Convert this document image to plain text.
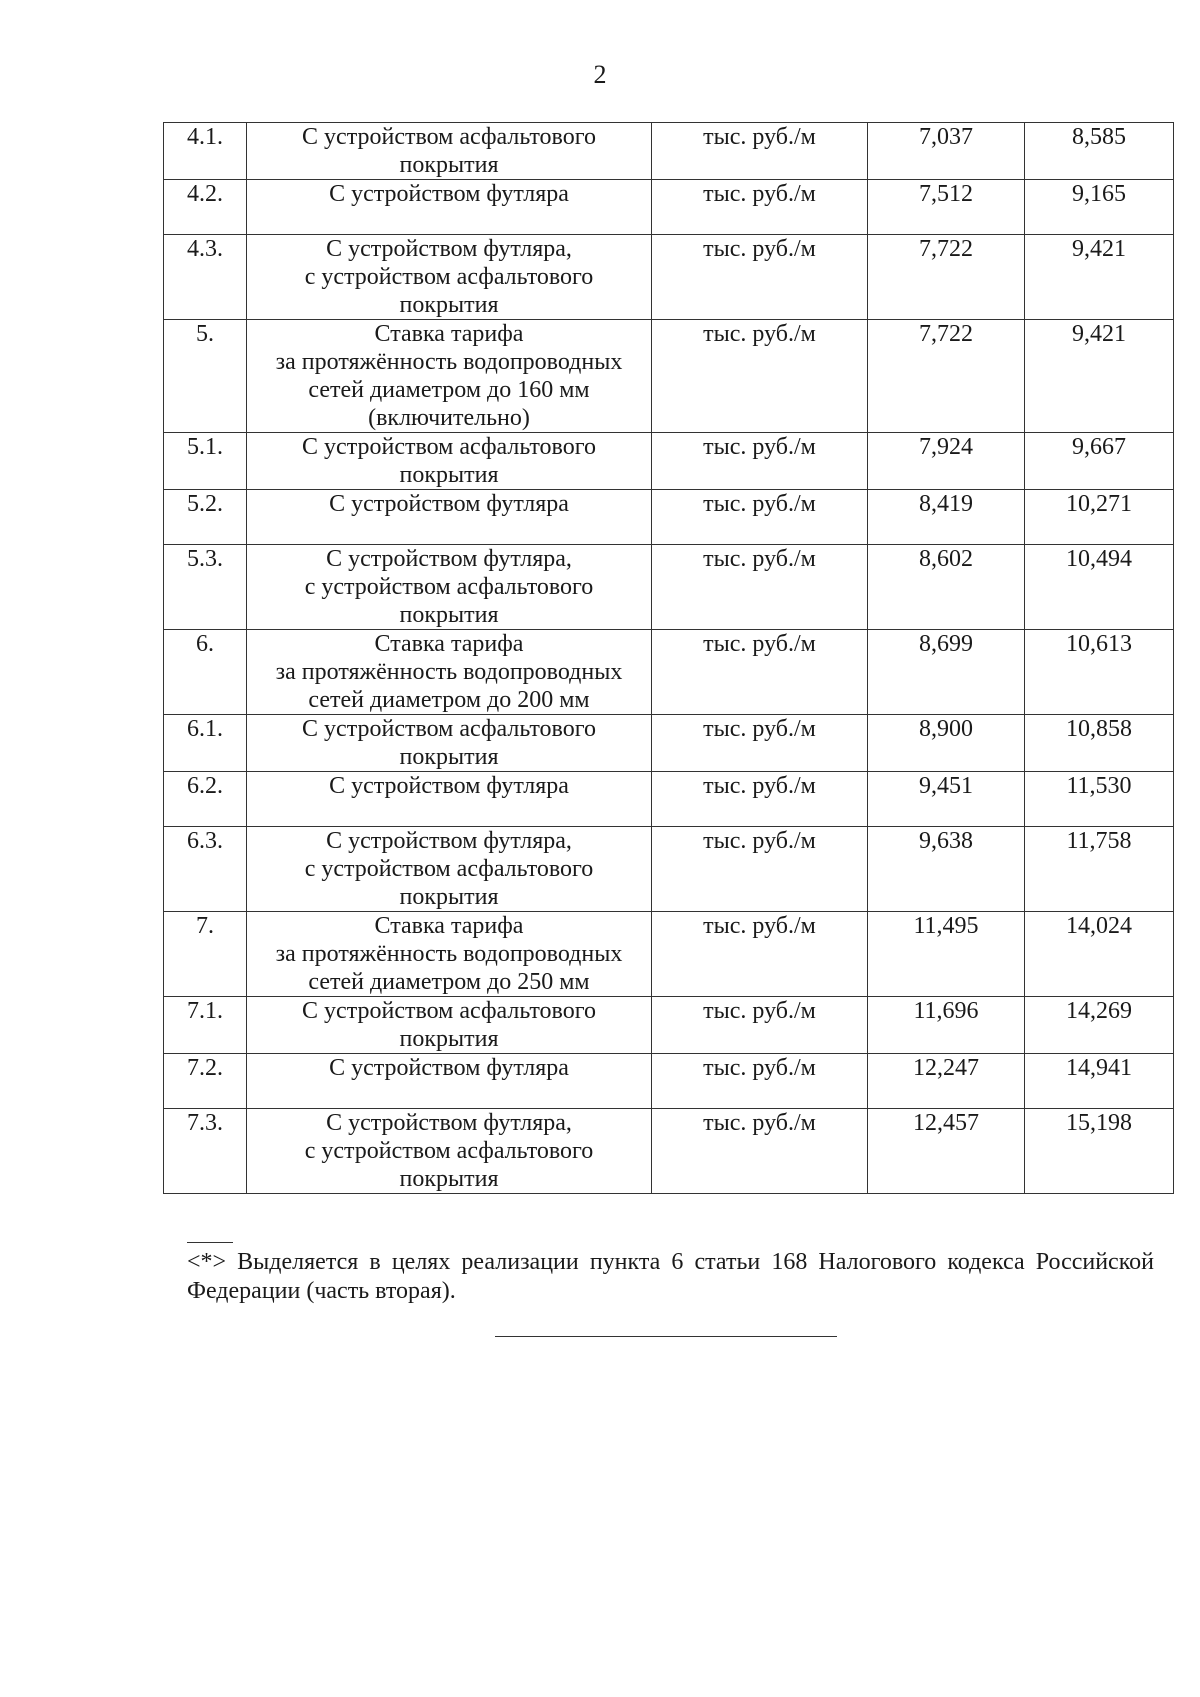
2
4.1.	С устройством асфальтового
покрытия	тыс. руб./м	7,037	8,585
4.2.	С устройством футляра	тыс. руб./м	7,512	9,165
4.3.	С устройством футляра,
с устройством асфальтового
покрытия	тыс. руб./м	7,722	9,421
5.	Ставка тарифа
за протяжённость водопроводных
сетей диаметром до 160 мм
(включительно)	тыс. руб./м	7,722	9,421
5.1.	С устройством асфальтового
покрытия	тыс. руб./м	7,924	9,667
5.2.	С устройством футляра	тыс. руб./м	8,419	10,271
5.3.	С устройством футляра,
с устройством асфальтового
покрытия	тыс. руб./м	8,602	10,494
6.	Ставка тарифа
за протяжённость водопроводных
сетей диаметром до 200 мм	тыс. руб./м	8,699	10,613
6.1.	С устройством асфальтового
покрытия	тыс. руб./м	8,900	10,858
6.2.	С устройством футляра	тыс. руб./м	9,451	11,530
6.3.	С устройством футляра,
с устройством асфальтового
покрытия	тыс. руб./м	9,638	11,758
7.	Ставка тарифа
за протяжённость водопроводных
сетей диаметром до 250 мм	тыс. руб./м	11,495	14,024
7.1.	С устройством асфальтового
покрытия	тыс. руб./м	11,696	14,269
7.2.	С устройством футляра	тыс. руб./м	12,247	14,941
7.3.	С устройством футляра,
с устройством асфальтового
покрытия	тыс. руб./м	12,457	15,198
<*> Выделяется в целях реализации пункта 6 статьи 168 Налогового кодекса Российской Федерации (часть вторая).
